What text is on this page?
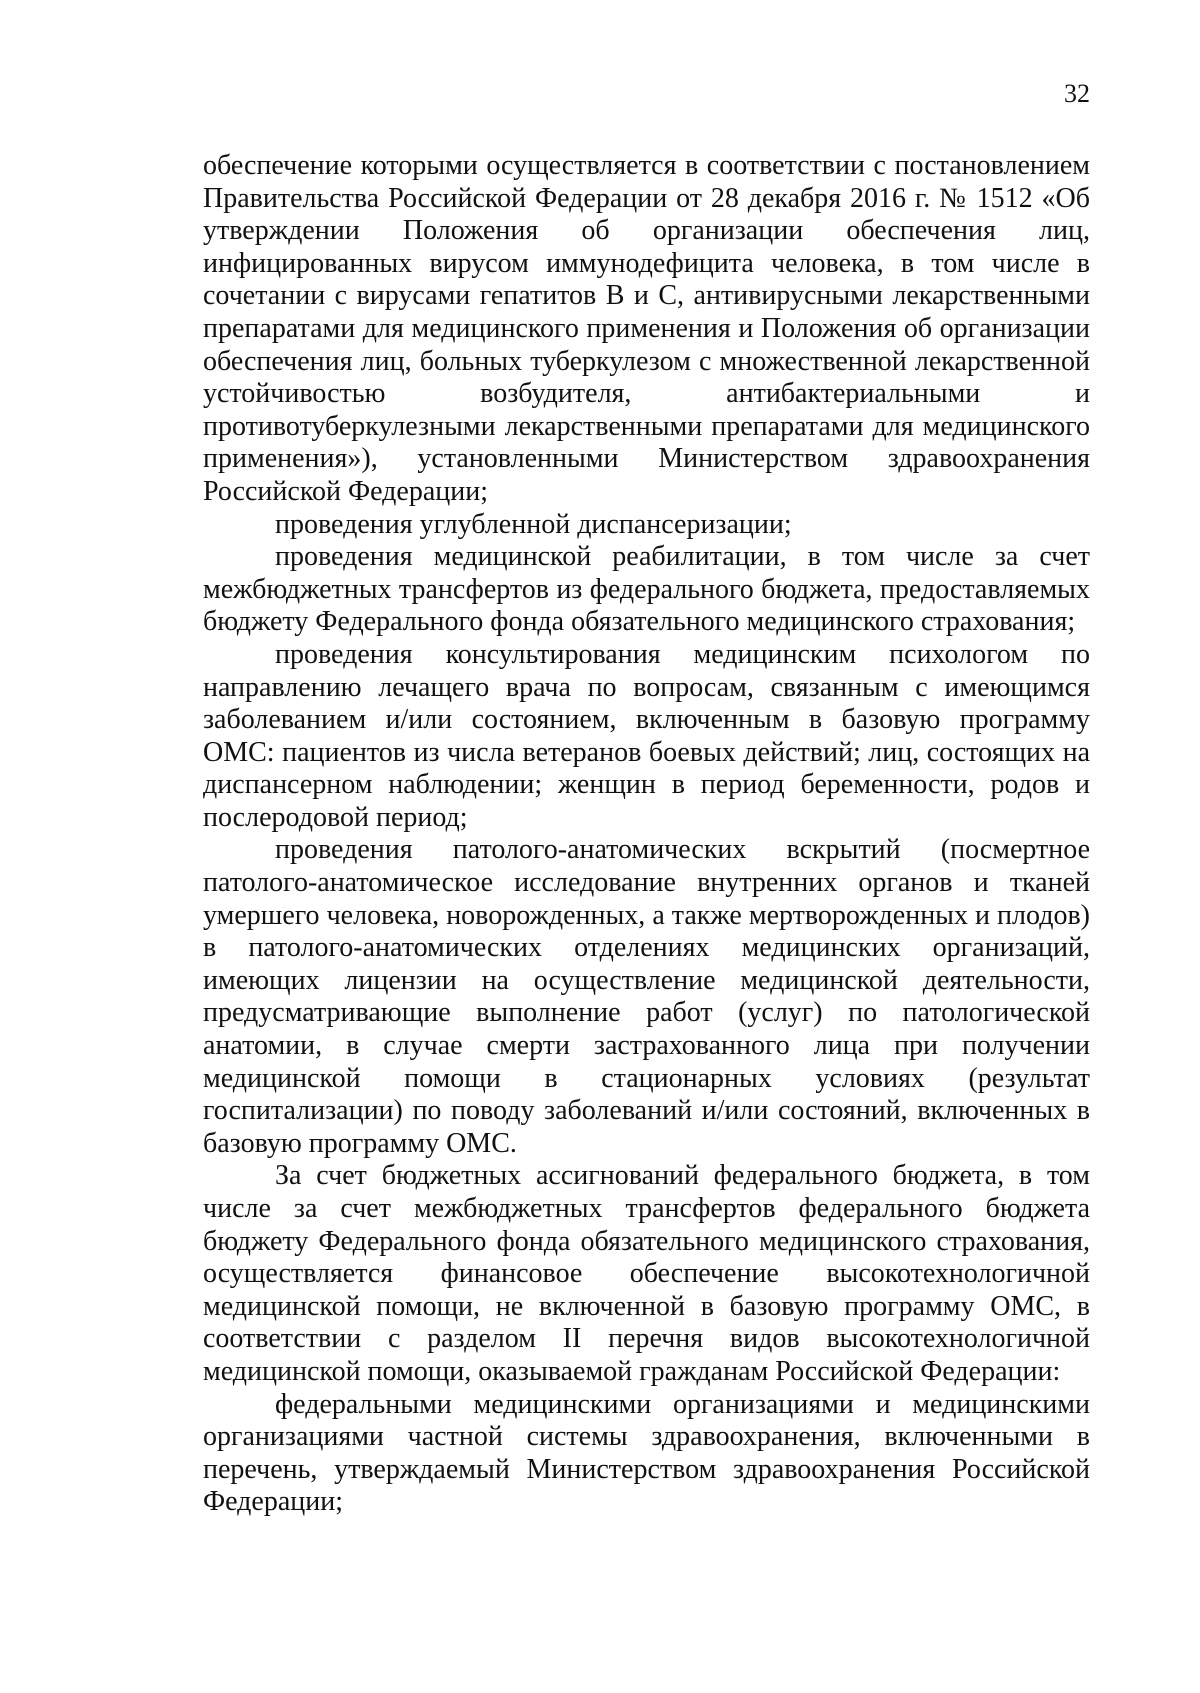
32

обеспечение которыми осуществляется в соответствии с постановлением Правительства Российской Федерации от 28 декабря 2016 г. № 1512 «Об утверждении Положения об организации обеспечения лиц, инфицированных вирусом иммунодефицита человека, в том числе в сочетании с вирусами гепатитов В и С, антивирусными лекарственными препаратами для медицинского применения и Положения об организации обеспечения лиц, больных туберкулезом с множественной лекарственной устойчивостью возбудителя, антибактериальными и противотуберкулезными лекарственными препаратами для медицинского применения»), установленными Министерством здравоохранения Российской Федерации;

проведения углубленной диспансеризации;

проведения медицинской реабилитации, в том числе за счет межбюджетных трансфертов из федерального бюджета, предоставляемых бюджету Федерального фонда обязательного медицинского страхования;

проведения консультирования медицинским психологом по направлению лечащего врача по вопросам, связанным с имеющимся заболеванием и/или состоянием, включенным в базовую программу ОМС: пациентов из числа ветеранов боевых действий; лиц, состоящих на диспансерном наблюдении; женщин в период беременности, родов и послеродовой период;

проведения патолого-анатомических вскрытий (посмертное патолого-анатомическое исследование внутренних органов и тканей умершего человека, новорожденных, а также мертворожденных и плодов) в патолого-анатомических отделениях медицинских организаций, имеющих лицензии на осуществление медицинской деятельности, предусматривающие выполнение работ (услуг) по патологической анатомии, в случае смерти застрахованного лица при получении медицинской помощи в стационарных условиях (результат госпитализации) по поводу заболеваний и/или состояний, включенных в базовую программу ОМС.

За счет бюджетных ассигнований федерального бюджета, в том числе за счет межбюджетных трансфертов федерального бюджета бюджету Федерального фонда обязательного медицинского страхования, осуществляется финансовое обеспечение высокотехнологичной медицинской помощи, не включенной в базовую программу ОМС, в соответствии с разделом II перечня видов высокотехнологичной медицинской помощи, оказываемой гражданам Российской Федерации:

федеральными медицинскими организациями и медицинскими организациями частной системы здравоохранения, включенными в перечень, утверждаемый Министерством здравоохранения Российской Федерации;
